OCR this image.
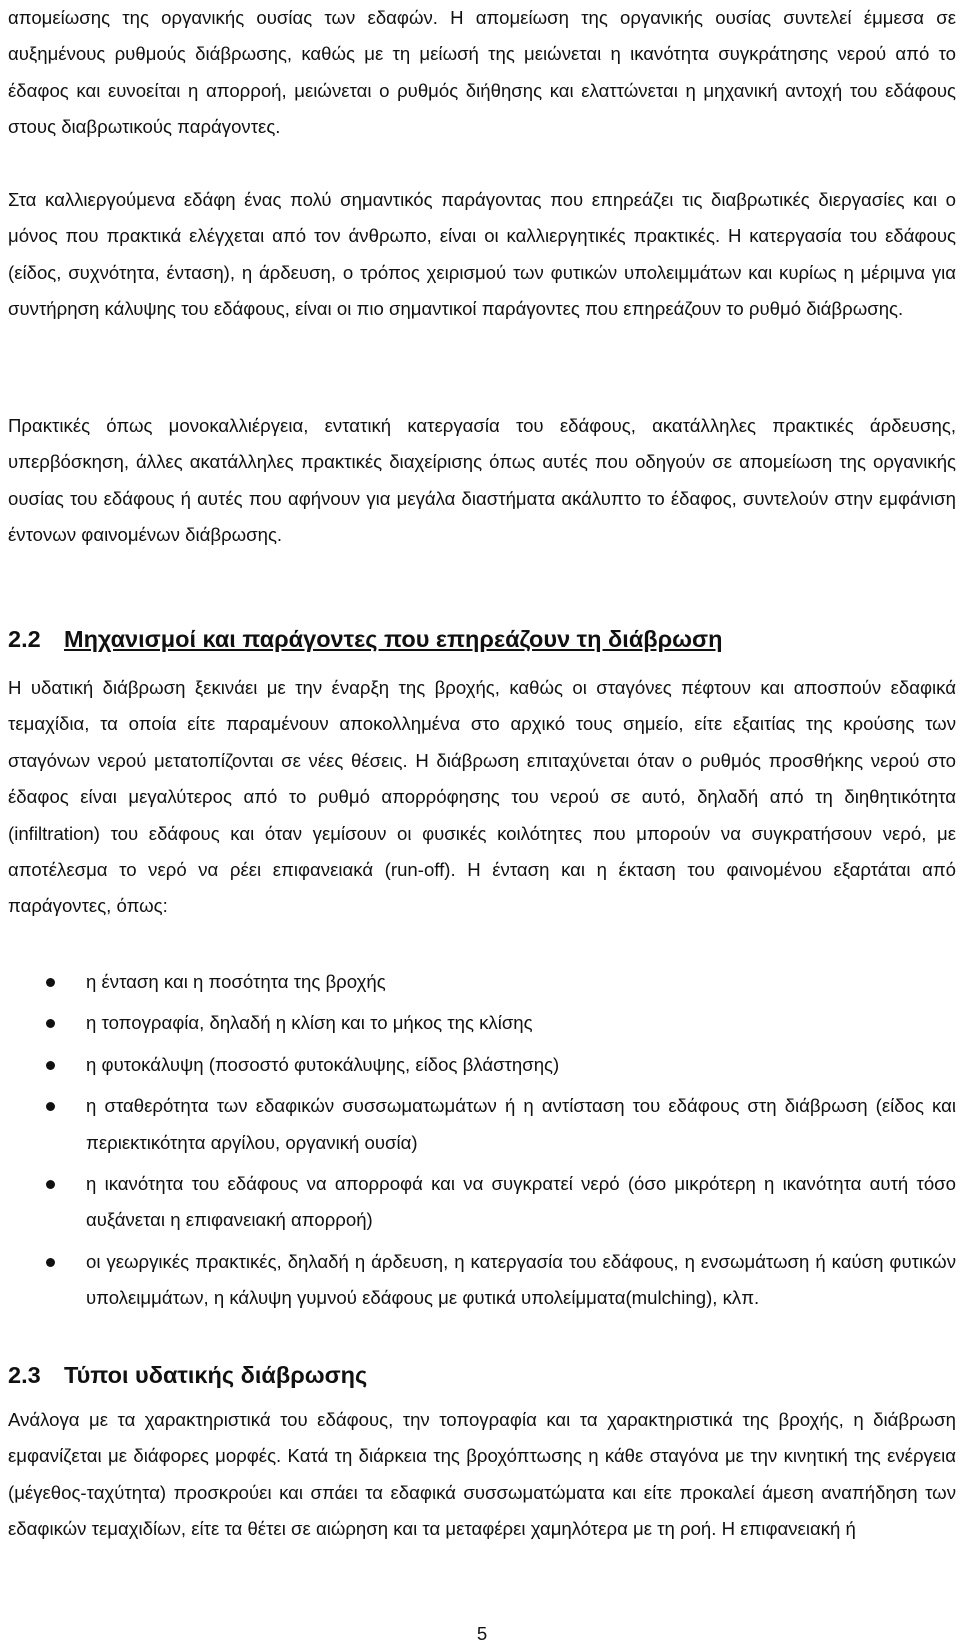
απομείωσης της οργανικής ουσίας των εδαφών. Η απομείωση της οργανικής ουσίας συντελεί έμμεσα σε αυξημένους ρυθμούς διάβρωσης, καθώς με τη μείωσή της μειώνεται η ικανότητα συγκράτησης νερού από το έδαφος και ευνοείται η απορροή, μειώνεται ο ρυθμός διήθησης και ελαττώνεται η μηχανική αντοχή του εδάφους στους διαβρωτικούς παράγοντες.

Στα καλλιεργούμενα εδάφη ένας πολύ σημαντικός παράγοντας που επηρεάζει τις διαβρωτικές διεργασίες και ο μόνος που πρακτικά ελέγχεται από τον άνθρωπο, είναι οι καλλιεργητικές πρακτικές. Η κατεργασία του εδάφους (είδος, συχνότητα, ένταση), η άρδευση, ο τρόπος χειρισμού των φυτικών υπολειμμάτων και κυρίως η μέριμνα για συντήρηση κάλυψης του εδάφους, είναι οι πιο σημαντικοί παράγοντες που επηρεάζουν το ρυθμό διάβρωσης.

Πρακτικές όπως μονοκαλλιέργεια, εντατική κατεργασία του εδάφους, ακατάλληλες πρακτικές άρδευσης, υπερβόσκηση, άλλες ακατάλληλες πρακτικές διαχείρισης όπως αυτές που οδηγούν σε απομείωση της οργανικής ουσίας του εδάφους ή αυτές που αφήνουν για μεγάλα διαστήματα ακάλυπτο το έδαφος, συντελούν στην εμφάνιση έντονων φαινομένων διάβρωσης.

2.2 Μηχανισμοί και παράγοντες που επηρεάζουν τη διάβρωση

Η υδατική διάβρωση ξεκινάει με την έναρξη της βροχής, καθώς οι σταγόνες πέφτουν και αποσπούν εδαφικά τεμαχίδια, τα οποία είτε παραμένουν αποκολλημένα στο αρχικό τους σημείο, είτε εξαιτίας της κρούσης των σταγόνων νερού μετατοπίζονται σε νέες θέσεις. Η διάβρωση επιταχύνεται όταν ο ρυθμός προσθήκης νερού στο έδαφος είναι μεγαλύτερος από το ρυθμό απορρόφησης του νερού σε αυτό, δηλαδή από τη διηθητικότητα (infiltration) του εδάφους και όταν γεμίσουν οι φυσικές κοιλότητες που μπορούν να συγκρατήσουν νερό, με αποτέλεσμα το νερό να ρέει επιφανειακά (run-off). Η ένταση και η έκταση του φαινομένου εξαρτάται από παράγοντες, όπως:

η ένταση και η ποσότητα της βροχής
η τοπογραφία, δηλαδή η κλίση και το μήκος της κλίσης
η φυτοκάλυψη (ποσοστό φυτοκάλυψης, είδος βλάστησης)
η σταθερότητα των εδαφικών συσσωματωμάτων ή η αντίσταση του εδάφους στη διάβρωση (είδος και περιεκτικότητα αργίλου, οργανική ουσία)
η ικανότητα του εδάφους να απορροφά και να συγκρατεί νερό (όσο μικρότερη η ικανότητα αυτή τόσο αυξάνεται η επιφανειακή απορροή)
οι γεωργικές πρακτικές, δηλαδή η άρδευση, η κατεργασία του εδάφους, η ενσωμάτωση ή καύση φυτικών υπολειμμάτων, η κάλυψη γυμνού εδάφους με φυτικά υπολείμματα(mulching), κλπ.
2.3 Τύποι υδατικής διάβρωσης

Ανάλογα με τα χαρακτηριστικά του εδάφους, την τοπογραφία και τα χαρακτηριστικά της βροχής, η διάβρωση εμφανίζεται με διάφορες μορφές. Κατά τη διάρκεια της βροχόπτωσης η κάθε σταγόνα με την κινητική της ενέργεια (μέγεθος-ταχύτητα) προσκρούει και σπάει τα εδαφικά συσσωματώματα και είτε προκαλεί άμεση αναπήδηση των εδαφικών τεμαχιδίων, είτε τα θέτει σε αιώρηση και τα μεταφέρει χαμηλότερα με τη ροή. Η επιφανειακή ή

5
